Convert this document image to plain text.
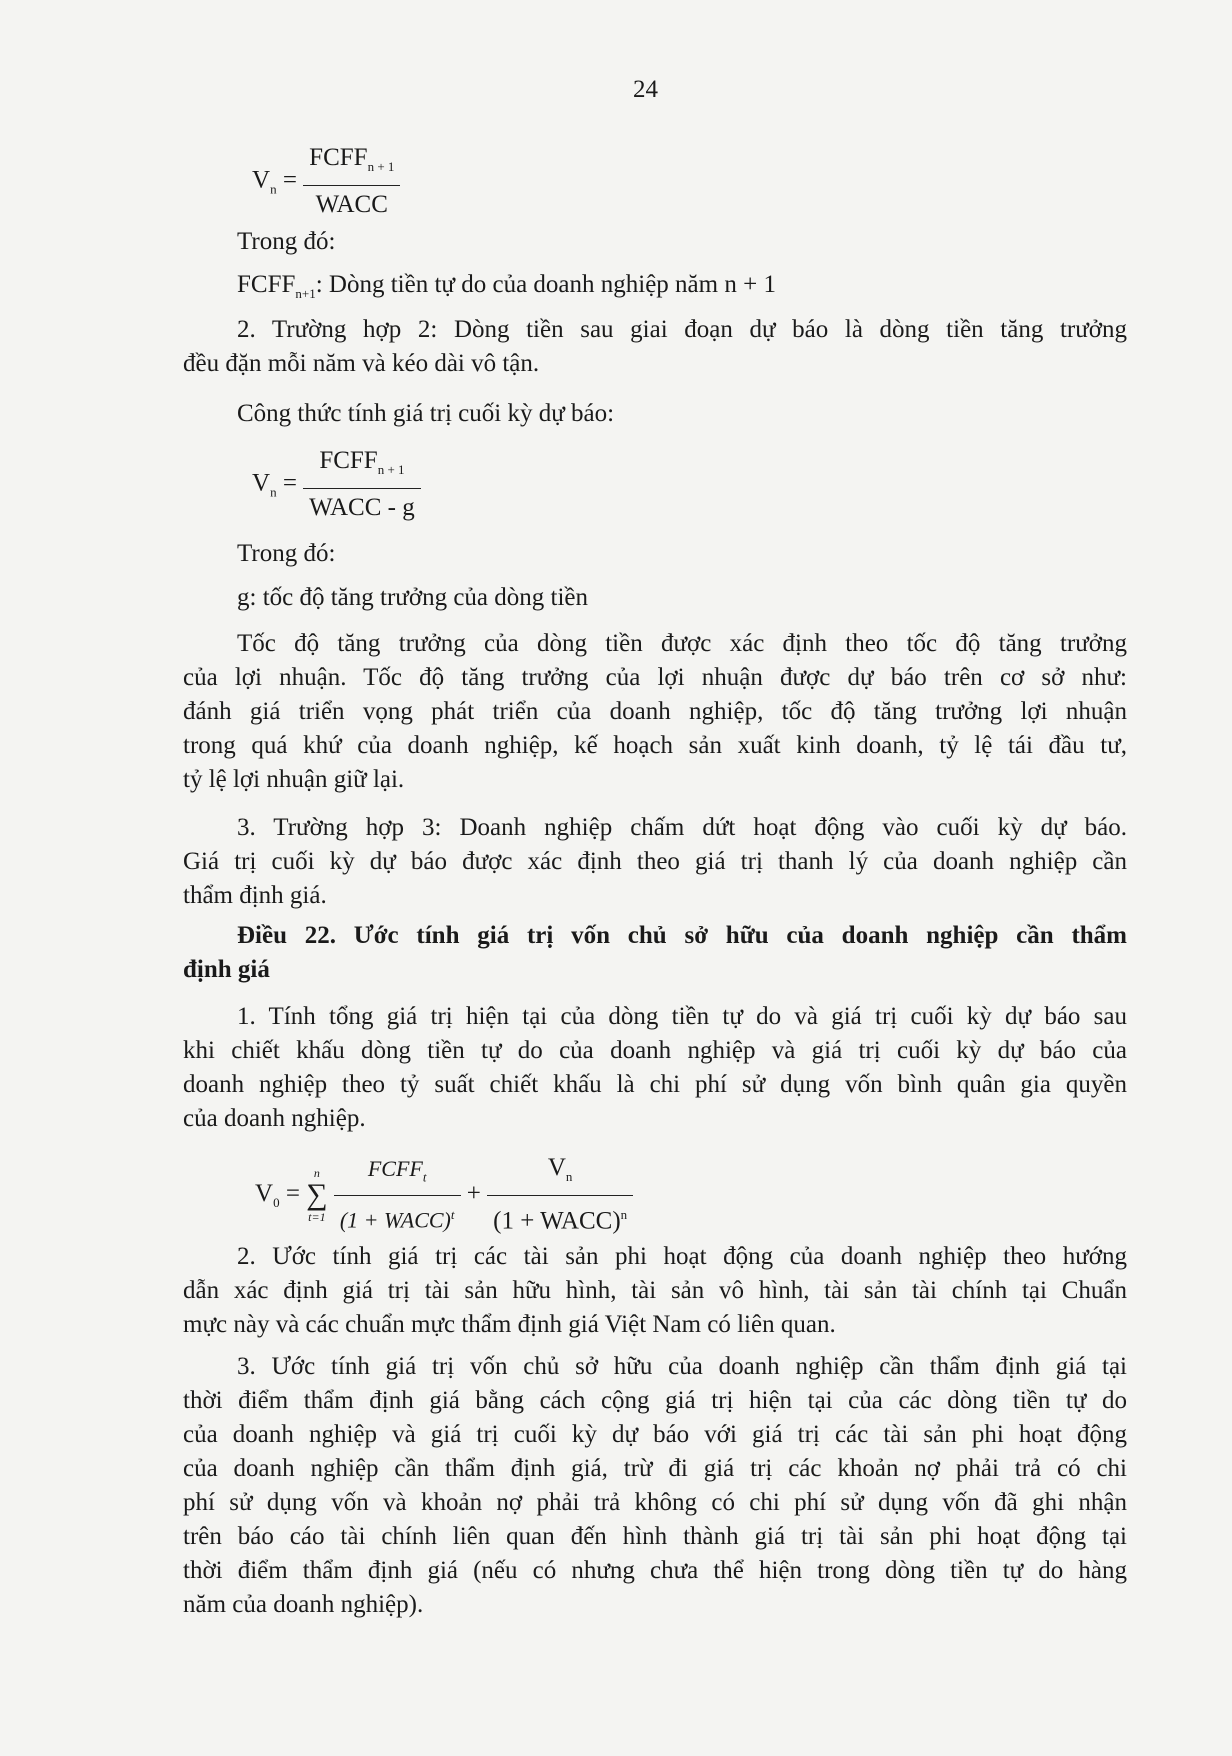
24
$V_n = \frac{FCFF_{n + 1}}{\text{WACC}}$
Trong đó:
$FCFF_{n+1}$: Dòng tiền tự do của doanh nghiệp năm n + 1
2. Trường hợp 2: Dòng tiền sau giai đoạn dự báo là dòng tiền tăng trưởng
đều đặn mỗi năm và kéo dài vô tận.
Công thức tính giá trị cuối kỳ dự báo:
$V_n = \frac{FCFF_{n + 1}}{\text{WACC - g}}$
Trong đó:
g: tốc độ tăng trưởng của dòng tiền
Tốc độ tăng trưởng của dòng tiền được xác định theo tốc độ tăng trưởng
của lợi nhuận. Tốc độ tăng trưởng của lợi nhuận được dự báo trên cơ sở như:
đánh giá triển vọng phát triển của doanh nghiệp, tốc độ tăng trưởng lợi nhuận
trong quá khứ của doanh nghiệp, kế hoạch sản xuất kinh doanh, tỷ lệ tái đầu tư,
tỷ lệ lợi nhuận giữ lại.
3. Trường hợp 3: Doanh nghiệp chấm dứt hoạt động vào cuối kỳ dự báo.
Giá trị cuối kỳ dự báo được xác định theo giá trị thanh lý của doanh nghiệp cần
thẩm định giá.
Điều 22. Ước tính giá trị vốn chủ sở hữu của doanh nghiệp cần thẩm
định giá
1. Tính tổng giá trị hiện tại của dòng tiền tự do và giá trị cuối kỳ dự báo sau
khi chiết khấu dòng tiền tự do của doanh nghiệp và giá trị cuối kỳ dự báo của
doanh nghiệp theo tỷ suất chiết khấu là chi phí sử dụng vốn bình quân gia quyền
của doanh nghiệp.
$V_0$ =
n
∑
t=1
$\frac{FCFF_t}{(1 + WACC)^t} + \frac{V_n}{(1 + WACC)^n}$
2. Ước tính giá trị các tài sản phi hoạt động của doanh nghiệp theo hướng
dẫn xác định giá trị tài sản hữu hình, tài sản vô hình, tài sản tài chính tại Chuẩn
mực này và các chuẩn mực thẩm định giá Việt Nam có liên quan.
3. Ước tính giá trị vốn chủ sở hữu của doanh nghiệp cần thẩm định giá tại
thời điểm thẩm định giá bằng cách cộng giá trị hiện tại của các dòng tiền tự do
của doanh nghiệp và giá trị cuối kỳ dự báo với giá trị các tài sản phi hoạt động
của doanh nghiệp cần thẩm định giá, trừ đi giá trị các khoản nợ phải trả có chi
phí sử dụng vốn và khoản nợ phải trả không có chi phí sử dụng vốn đã ghi nhận
trên báo cáo tài chính liên quan đến hình thành giá trị tài sản phi hoạt động tại
thời điểm thẩm định giá (nếu có nhưng chưa thể hiện trong dòng tiền tự do hàng
năm của doanh nghiệp).
